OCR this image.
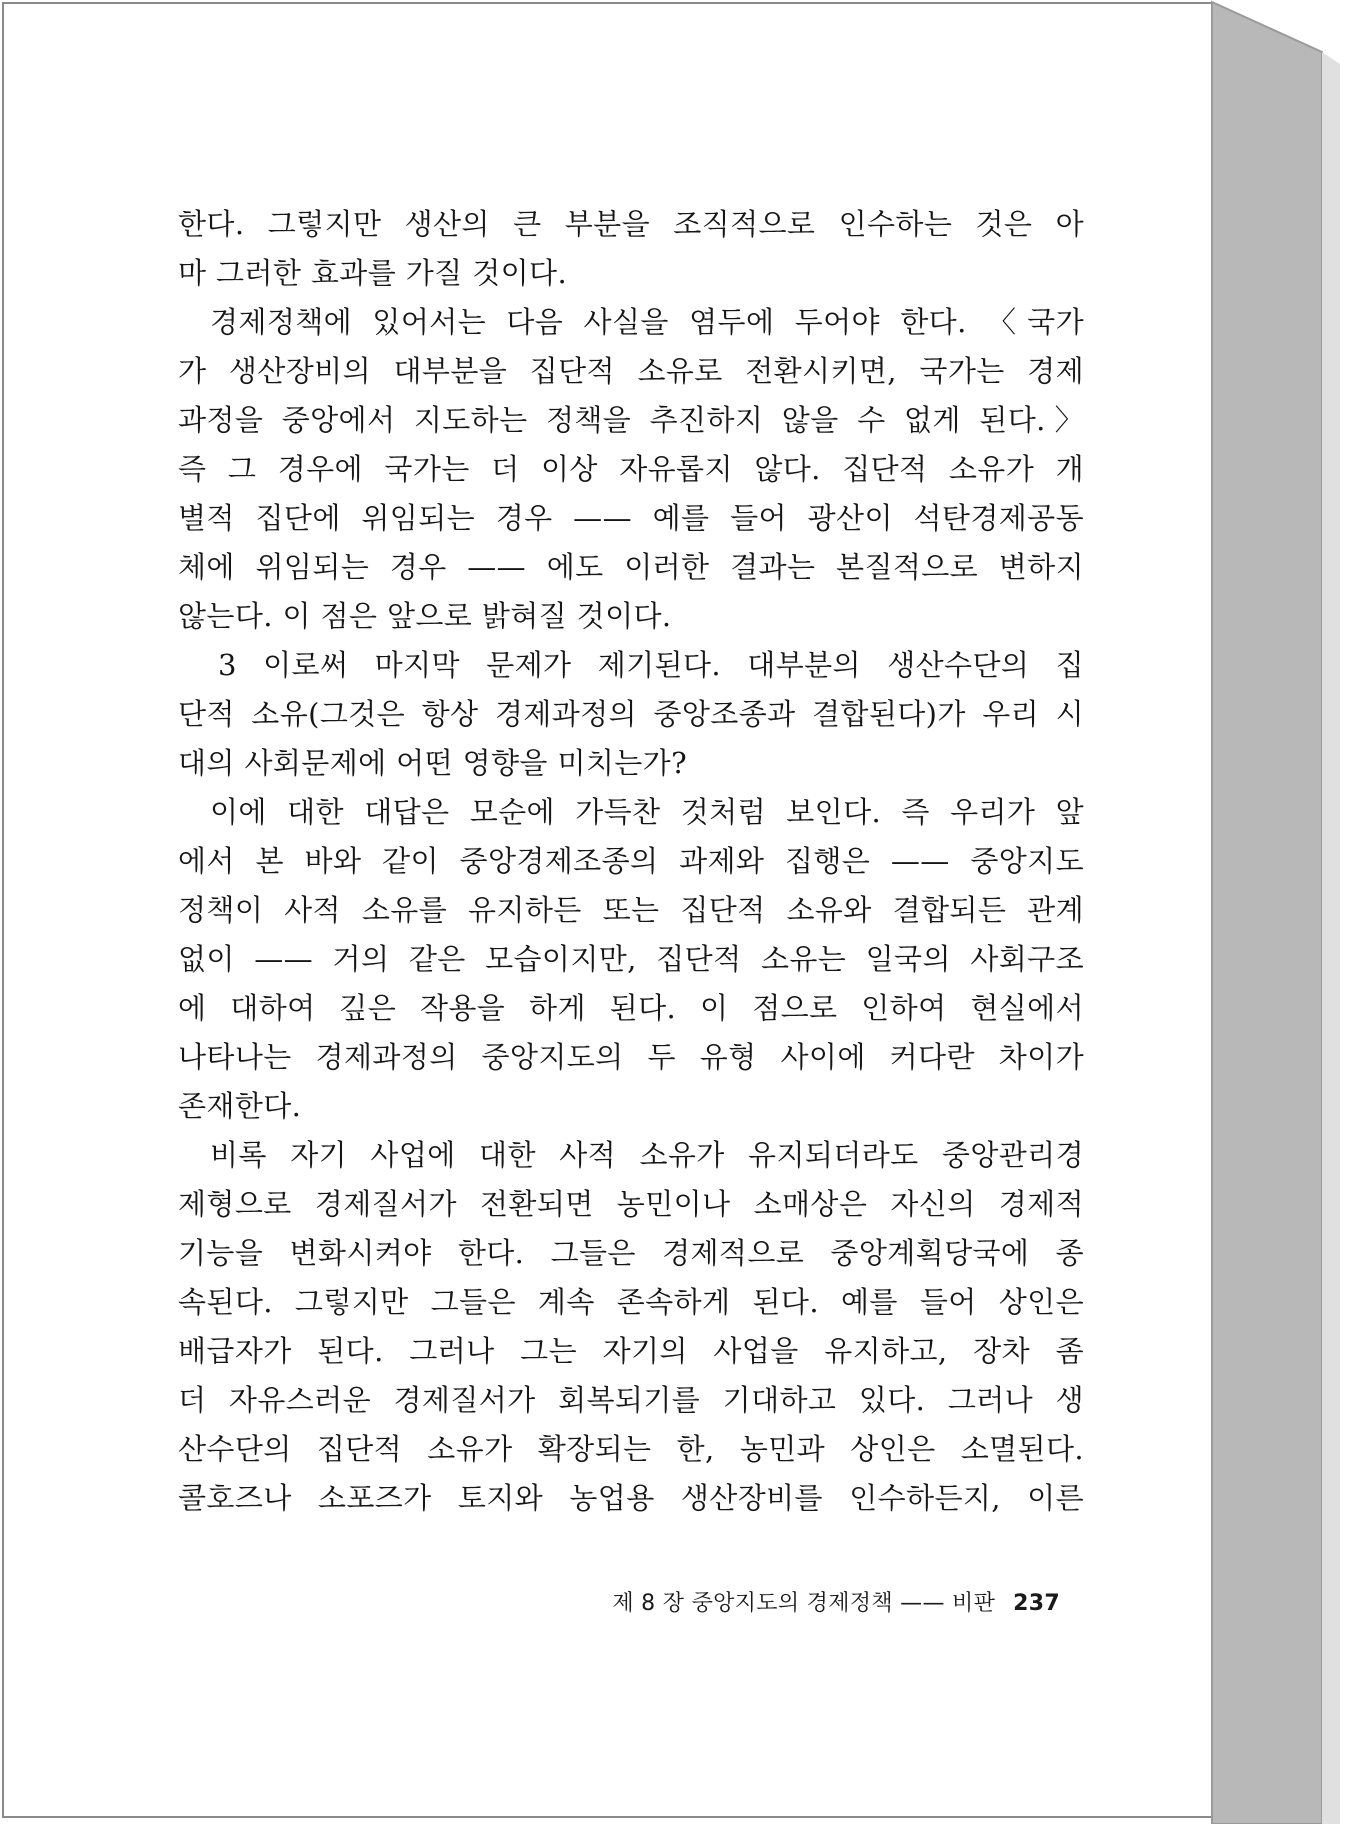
한다. 그렇지만 생산의 큰 부분을 조직적으로 인수하는 것은 아
마 그러한 효과를 가질 것이다.
경제정책에 있어서는 다음 사실을 염두에 두어야 한다. 〈국가
가 생산장비의 대부분을 집단적 소유로 전환시키면, 국가는 경제
과정을 중앙에서 지도하는 정책을 추진하지 않을 수 없게 된다.〉
즉 그 경우에 국가는 더 이상 자유롭지 않다. 집단적 소유가 개
별적 집단에 위임되는 경우 —— 예를 들어 광산이 석탄경제공동
체에 위임되는 경우 —— 에도 이러한 결과는 본질적으로 변하지
않는다. 이 점은 앞으로 밝혀질 것이다.
3 이로써 마지막 문제가 제기된다. 대부분의 생산수단의 집
단적 소유(그것은 항상 경제과정의 중앙조종과 결합된다)가 우리 시
대의 사회문제에 어떤 영향을 미치는가?
이에 대한 대답은 모순에 가득찬 것처럼 보인다. 즉 우리가 앞
에서 본 바와 같이 중앙경제조종의 과제와 집행은 —— 중앙지도
정책이 사적 소유를 유지하든 또는 집단적 소유와 결합되든 관계
없이 —— 거의 같은 모습이지만, 집단적 소유는 일국의 사회구조
에 대하여 깊은 작용을 하게 된다. 이 점으로 인하여 현실에서
나타나는 경제과정의 중앙지도의 두 유형 사이에 커다란 차이가
존재한다.
비록 자기 사업에 대한 사적 소유가 유지되더라도 중앙관리경
제형으로 경제질서가 전환되면 농민이나 소매상은 자신의 경제적
기능을 변화시켜야 한다. 그들은 경제적으로 중앙계획당국에 종
속된다. 그렇지만 그들은 계속 존속하게 된다. 예를 들어 상인은
배급자가 된다. 그러나 그는 자기의 사업을 유지하고, 장차 좀
더 자유스러운 경제질서가 회복되기를 기대하고 있다. 그러나 생
산수단의 집단적 소유가 확장되는 한, 농민과 상인은 소멸된다.
콜호즈나 소포즈가 토지와 농업용 생산장비를 인수하든지, 이른
제 8 장 중앙지도의 경제정책 —— 비판 237
